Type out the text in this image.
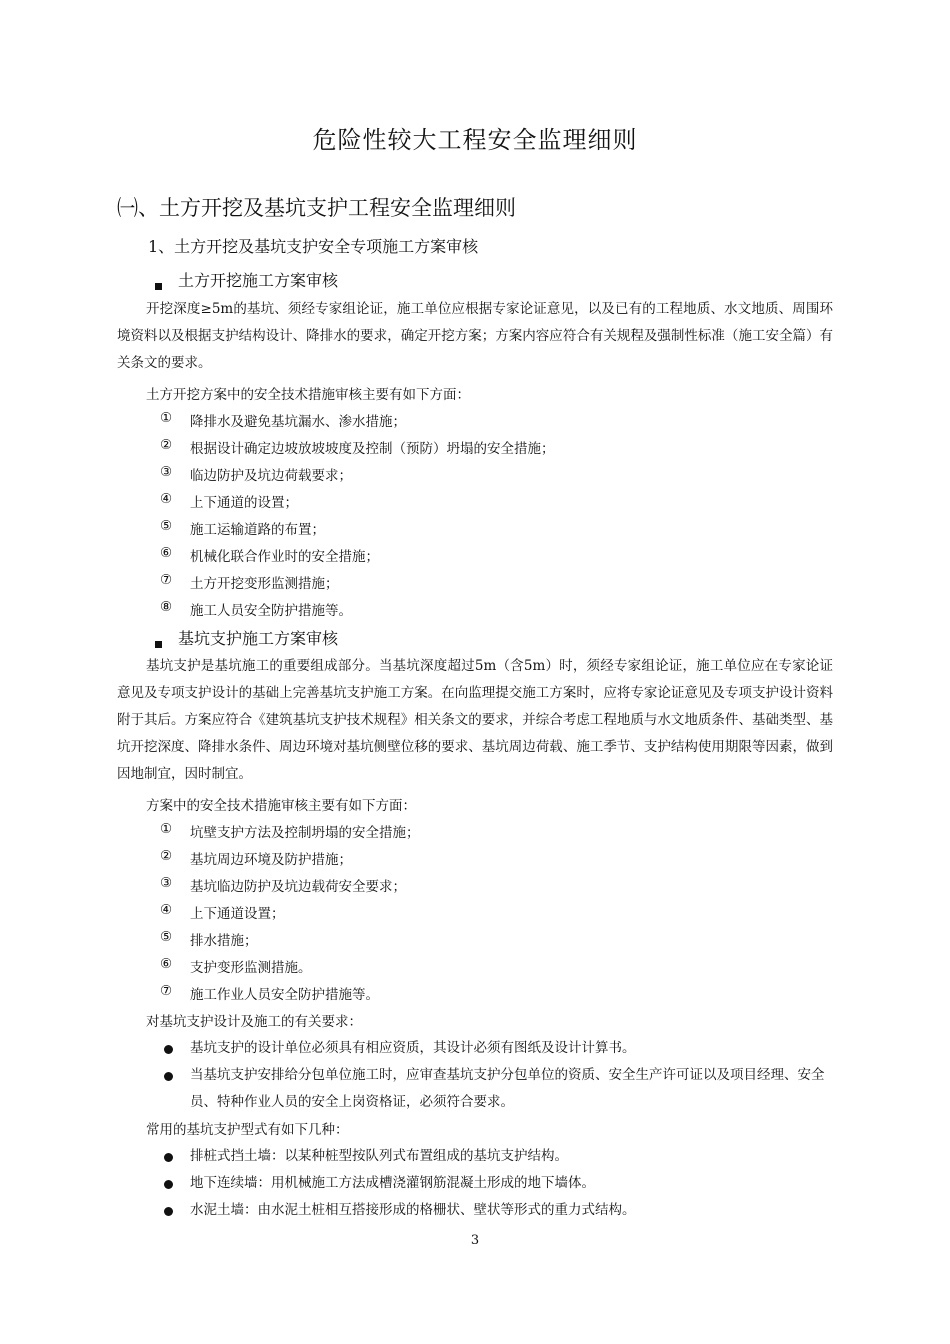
危险性较大工程安全监理细则
㈠、土方开挖及基坑支护工程安全监理细则
1、土方开挖及基坑支护安全专项施工方案审核
土方开挖施工方案审核
开挖深度≥5m的基坑、须经专家组论证，施工单位应根据专家论证意见，以及已有的工程地质、水文地质、周围环境资料以及根据支护结构设计、降排水的要求，确定开挖方案；方案内容应符合有关规程及强制性标准（施工安全篇）有关条文的要求。
土方开挖方案中的安全技术措施审核主要有如下方面：
① 降排水及避免基坑漏水、渗水措施；
② 根据设计确定边坡放坡坡度及控制（预防）坍塌的安全措施；
③ 临边防护及坑边荷载要求；
④ 上下通道的设置；
⑤ 施工运输道路的布置；
⑥ 机械化联合作业时的安全措施；
⑦ 土方开挖变形监测措施；
⑧ 施工人员安全防护措施等。
基坑支护施工方案审核
基坑支护是基坑施工的重要组成部分。当基坑深度超过5m（含5m）时，须经专家组论证，施工单位应在专家论证意见及专项支护设计的基础上完善基坑支护施工方案。在向监理提交施工方案时，应将专家论证意见及专项支护设计资料附于其后。方案应符合《建筑基坑支护技术规程》相关条文的要求，并综合考虑工程地质与水文地质条件、基础类型、基坑开挖深度、降排水条件、周边环境对基坑侧壁位移的要求、基坑周边荷载、施工季节、支护结构使用期限等因素，做到因地制宜，因时制宜。
方案中的安全技术措施审核主要有如下方面：
① 坑壁支护方法及控制坍塌的安全措施；
② 基坑周边环境及防护措施；
③ 基坑临边防护及坑边载荷安全要求；
④ 上下通道设置；
⑤ 排水措施；
⑥ 支护变形监测措施。
⑦ 施工作业人员安全防护措施等。
对基坑支护设计及施工的有关要求：
基坑支护的设计单位必须具有相应资质，其设计必须有图纸及设计计算书。
当基坑支护安排给分包单位施工时，应审查基坑支护分包单位的资质、安全生产许可证以及项目经理、安全员、特种作业人员的安全上岗资格证，必须符合要求。
常用的基坑支护型式有如下几种：
排桩式挡土墙：以某种桩型按队列式布置组成的基坑支护结构。
地下连续墙：用机械施工方法成槽浇灌钢筋混凝土形成的地下墙体。
水泥土墙：由水泥土桩相互搭接形成的格栅状、壁状等形式的重力式结构。
3
